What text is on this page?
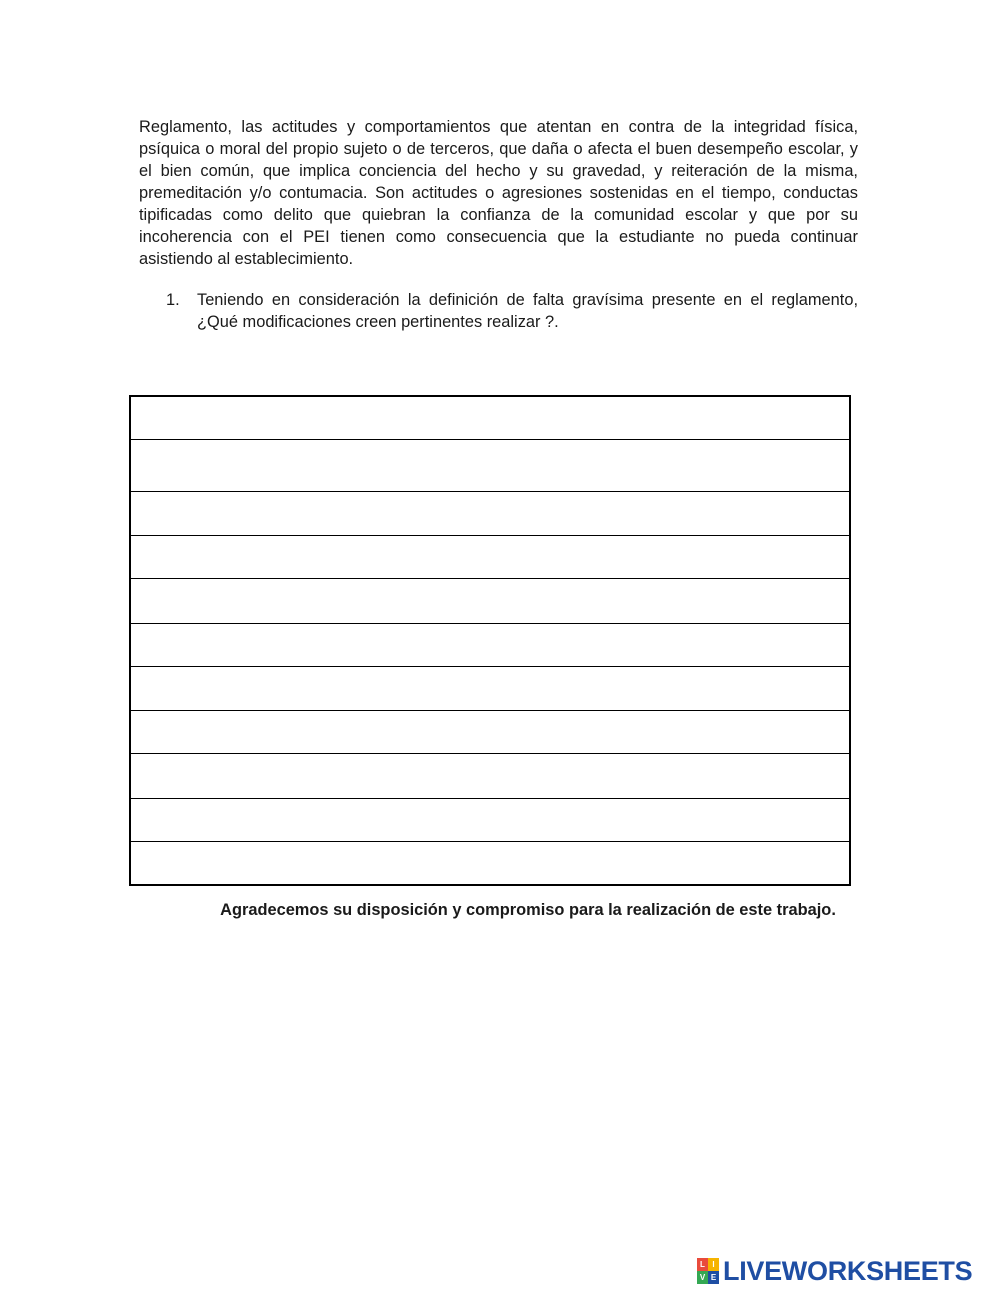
Reglamento, las actitudes y comportamientos que atentan en contra de la integridad física, psíquica o moral del propio sujeto o de terceros, que daña o afecta el buen desempeño escolar, y el bien común, que implica conciencia del hecho y su gravedad, y reiteración de la misma, premeditación y/o contumacia. Son actitudes o agresiones sostenidas en el tiempo, conductas tipificadas como delito que quiebran la confianza de la comunidad escolar y que por su incoherencia con el PEI tienen como consecuencia que la estudiante no pueda continuar asistiendo al establecimiento.

1.	Teniendo en consideración la definición de falta gravísima presente en el reglamento, ¿Qué modificaciones creen pertinentes realizar ?.

Agradecemos su disposición y compromiso para la realización de este trabajo.

L I
V E LIVEWORKSHEETS
